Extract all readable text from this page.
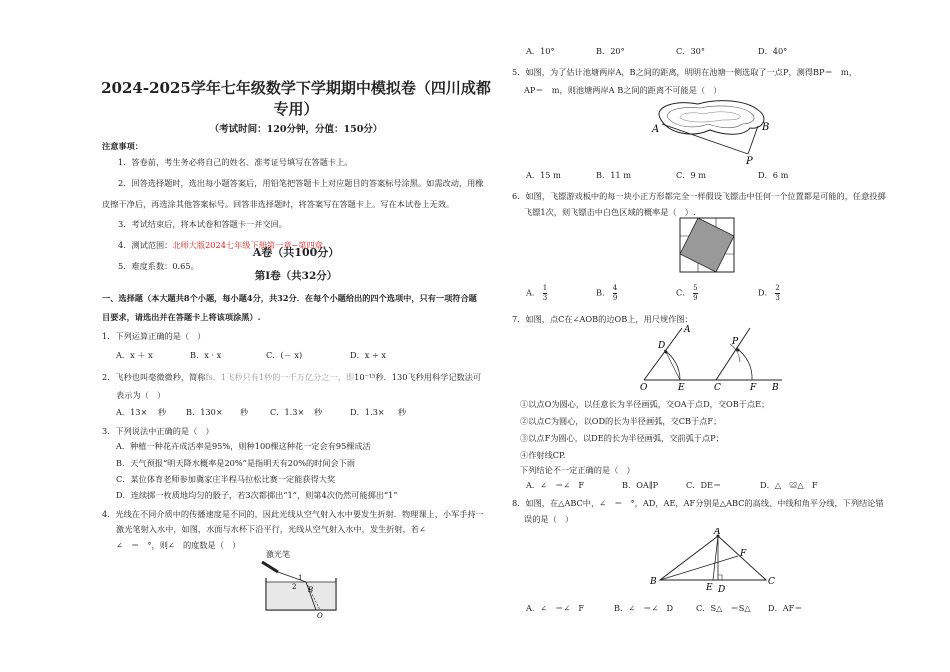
2024-2025学年七年级数学下学期期中模拟卷（四川成都专用）
（考试时间：120分钟，分值：150分）
注意事项：
1．答卷前，考生务必将自己的姓名、准考证号填写在答题卡上。
2．回答选择题时，选出每小题答案后，用铅笔把答题卡上对应题目的答案标号涂黑。如需改动，用橡
皮擦干净后，再选涂其他答案标号。回答非选择题时，将答案写在答题卡上。写在本试卷上无效。
3．考试结束后，将本试卷和答题卡一并交回。
4．测试范围：北师大版2024七年级下册第一章~第四章。
5．难度系数：0.65。
A卷（共100分）
第Ⅰ卷（共32分）
一、选择题（本大题共8个小题，每小题4分，共32分．在每个小题给出的四个选项中，只有一项符合题
目要求，请选出并在答题卡上将该项涂黑）.
1．下列运算正确的是（　）
A．x ＋ x	B．x · x	C．(－ x)	D．x ÷ x
2．飞秒也叫毫微微秒，简称fs．1飞秒只有1秒的一千万亿分之一，即10⁻¹⁵秒．130飞秒用科学记数法可
表示为（　）
A．13× 秒 B．130× 秒	C．1.3× 秒	D．1.3× 秒
3．下列说法中正确的是（　）
A．种植一种花卉成活率是95%，则种100棵这种花一定会有95棵成活
B．天气预报“明天降水概率是20%”是指明天有20%的时间会下雨
C．某位体育老师参加冀家庄半程马拉松比赛一定能获得大奖
D．连续掷一枚质地均匀的骰子，若3次都掷出“1”，则第4次仍然可能掷出“1”
4．光线在不同介质中的传播速度是不同的，因此光线从空气射入水中要发生折射．物理课上，小军手持一
激光笔射入水中，如图，水面与水杯下沿平行，光线从空气射入水中，发生折射，若∠
∠　＝　°，则∠　的度数是（　）
激光笔
1
2 B
O
A．10°	B．20°	C．30°	D．40°
5．如图，为了估计池塘两岸A，B之间的距离，明明在池塘一侧选取了一点P，测得BP＝　m，
AP＝　m，则池塘两岸A B之间的距离不可能是（　）
A	B
P
A．15 m	B．11 m	C．9 m	D．6 m
6．如图，飞镖游戏板中的每一块小正方形都完全一样假设飞镖击中任何一个位置都是可能的，任意投掷
飞镖1次，则飞镖击中白色区域的概率是（　）.
A． $\frac{1}{3}$	B． $\frac{4}{9}$	C． $\frac{5}{9}$	D． $\frac{2}{3}$
7．如图，点C在∠AOB的边OB上，用尺规作图：
A
D	P
O	E	C	F B
①以点O为圆心，以任意长为半径画弧，交OA于点D，交OB于点E；
②以点C为圆心，以OD的长为半径画弧，交CB于点F；
③以点F为圆心，以DE的长为半径画弧，交前弧于点P；
④作射线CP.
下列结论不一定正确的是（　）
A．∠　＝∠　F	B．OA∥P	C．DE＝	D．△　≌△　F
8．如图，在△ABC中，∠　＝　°，AD，AE，AF分别是△ABC的高线、中线和角平分线，下列结论错
误的是（　）
A
F
B
E D
C
A．∠　＝∠　F	B．∠　＝∠　D	C．S△　＝S△ D．AF＝
